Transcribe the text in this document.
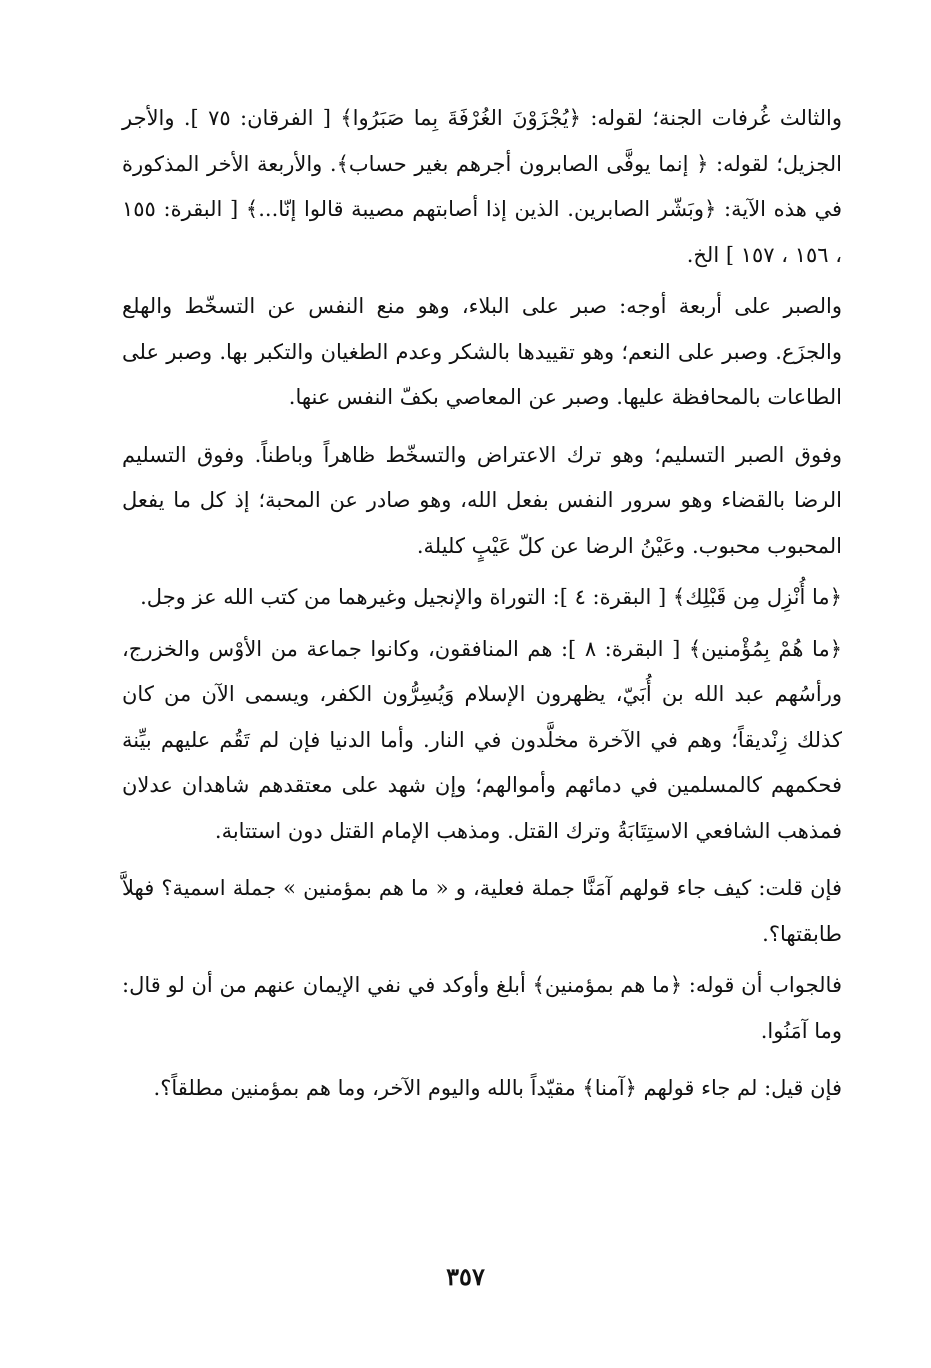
والثالث غُرفات الجنة؛ لقوله: ﴿يُجْزَوْنَ الغُرْفَةَ بِما صَبَرُوا﴾ [ الفرقان: ٧٥ ]. والأجر الجزيل؛ لقوله: ﴿ إنما يوفَّى الصابرون أجرهم بغير حساب﴾. والأربعة الأخر المذكورة في هذه الآية: ﴿وبَشّر الصابرين. الذين إذا أصابتهم مصيبة قالوا إنّا...﴾ [ البقرة: ١٥٥ ، ١٥٦ ، ١٥٧ ] الخ.

والصبر على أربعة أوجه: صبر على البلاء، وهو منع النفس عن التسخّط والهلع والجزَع. وصبر على النعم؛ وهو تقييدها بالشكر وعدم الطغيان والتكبر بها. وصبر على الطاعات بالمحافظة عليها. وصبر عن المعاصي بكفّ النفس عنها.

وفوق الصبر التسليم؛ وهو ترك الاعتراض والتسخّط ظاهراً وباطناً. وفوق التسليم الرضا بالقضاء وهو سرور النفس بفعل الله، وهو صادر عن المحبة؛ إذ كل ما يفعل المحبوب محبوب. وعَيْنُ الرضا عن كلّ عَيْبٍ كليلة.

﴿ما أُنْزِل مِن قَبْلِك﴾ [ البقرة: ٤ ]: التوراة والإنجيل وغيرهما من كتب الله عز وجل.

﴿ما هُمْ بِمُؤْمنين﴾ [ البقرة: ٨ ]: هم المنافقون، وكانوا جماعة من الأوْس والخزرج، ورأسُهم عبد الله بن أُبَيّ، يظهرون الإسلام وَيُسِرُّون الكفر، ويسمى الآن من كان كذلك زِنْديقاً؛ وهم في الآخرة مخلَّدون في النار. وأما الدنيا فإن لم تَقُم عليهم بيِّنة فحكمهم كالمسلمين في دمائهم وأموالهم؛ وإن شهد على معتقدهم شاهدان عدلان فمذهب الشافعي الاستِتَابَةُ وترك القتل. ومذهب الإمام القتل دون استتابة.

فإن قلت: كيف جاء قولهم آمَنَّا جملة فعلية، و « ما هم بمؤمنين » جملة اسمية؟ فهلاَّ طابقتها؟.

فالجواب أن قوله: ﴿ما هم بمؤمنين﴾ أبلغ وأوكد في نفي الإيمان عنهم من أن لو قال: وما آمَنُوا.

فإن قيل: لم جاء قولهم ﴿آمنا﴾ مقيّداً بالله واليوم الآخر، وما هم بمؤمنين مطلقاً؟.

٣٥٧
